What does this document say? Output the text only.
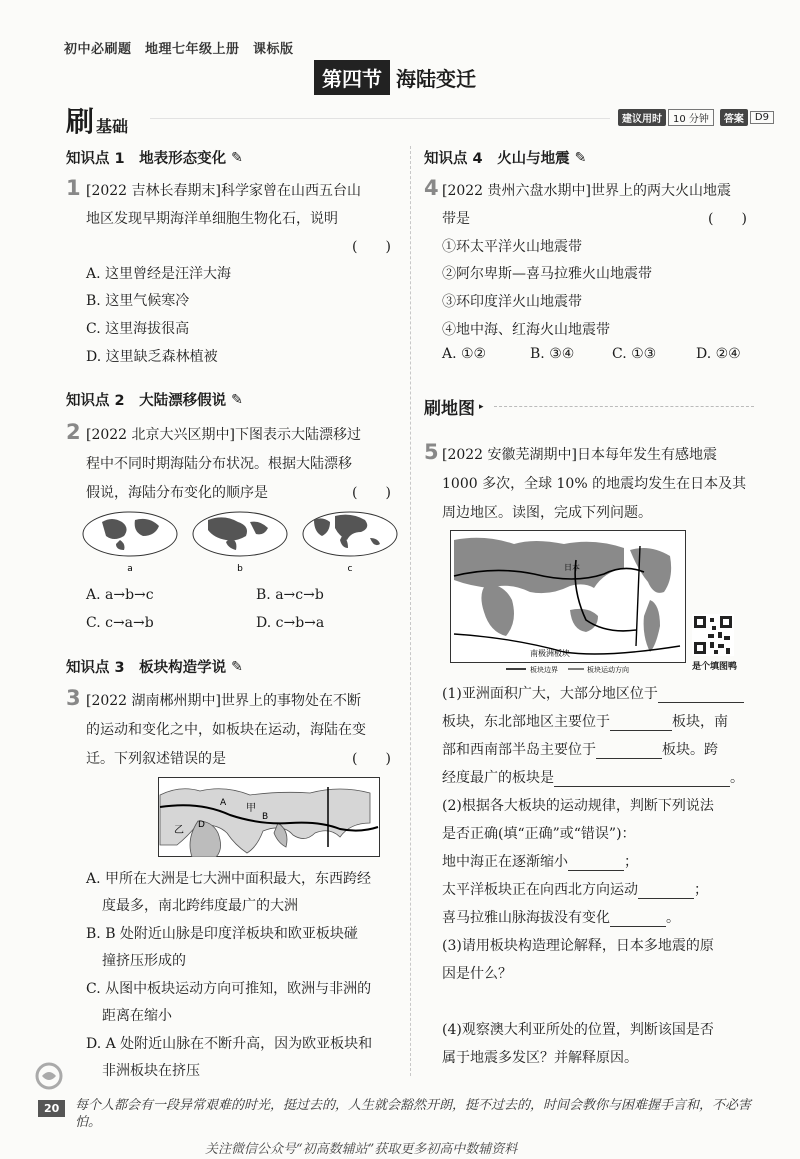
初中必刷题　地理七年级上册　课标版
第四节 海陆变迁
刷 基础	建议用时	10 分钟	答案	D9
知识点 1　地表形态变化 ✎
1 [2022 吉林长春期末]科学家曾在山西五台山
地区发现早期海洋单细胞生物化石，说明
(　　)
A. 这里曾经是汪洋大海
B. 这里气候寒冷
C. 这里海拔很高
D. 这里缺乏森林植被
知识点 2　大陆漂移假说 ✎
2 [2022 北京大兴区期中]下图表示大陆漂移过
程中不同时期海陆分布状况。根据大陆漂移
假说，海陆分布变化的顺序是	(　　)
a	b	c
A. a→b→c	B. a→c→b
C. c→a→b	D. c→b→a
知识点 3　板块构造学说 ✎
3 [2022 湖南郴州期中]世界上的事物处在不断
的运动和变化之中，如板块在运动，海陆在变
迁。下列叙述错误的是	(　　)
甲
乙 D
A
B
A. 甲所在大洲是七大洲中面积最大，东西跨经
度最多，南北跨纬度最广的大洲
B. B 处附近山脉是印度洋板块和欧亚板块碰
撞挤压形成的
C. 从图中板块运动方向可推知，欧洲与非洲的
距离在缩小
D. A 处附近山脉在不断升高，因为欧亚板块和
非洲板块在挤压
知识点 4　火山与地震 ✎
4 [2022 贵州六盘水期中]世界上的两大火山地震
带是	(　　)
①环太平洋火山地震带
②阿尔卑斯—喜马拉雅火山地震带
③环印度洋火山地震带
④地中海、红海火山地震带
A. ①②	B. ③④	C. ①③	D. ②④
刷地图 ▸
5 [2022 安徽芜湖期中]日本每年发生有感地震
1000 多次，全球 10% 的地震均发生在日本及其
周边地区。读图，完成下列问题。
日本
南极洲板块
板块边界	板块运动方向	是个填图鸭
(1)亚洲面积广大，大部分地区位于
板块，东北部地区主要位于	板块，南
部和西南部半岛主要位于	板块。跨
经度最广的板块是	。
(2)根据各大板块的运动规律，判断下列说法
是否正确(填“正确”或“错误”)：
地中海正在逐渐缩小	；
太平洋板块正在向西北方向运动	；
喜马拉雅山脉海拔没有变化	。
(3)请用板块构造理论解释，日本多地震的原
因是什么？
(4)观察澳大利亚所处的位置，判断该国是否
属于地震多发区？并解释原因。
20	每个人都会有一段异常艰难的时光，挺过去的，人生就会豁然开朗，挺不过去的，时间会教你与困难握手言和，不必害怕。
关注微信公众号“初高数辅站”获取更多初高中数辅资料
